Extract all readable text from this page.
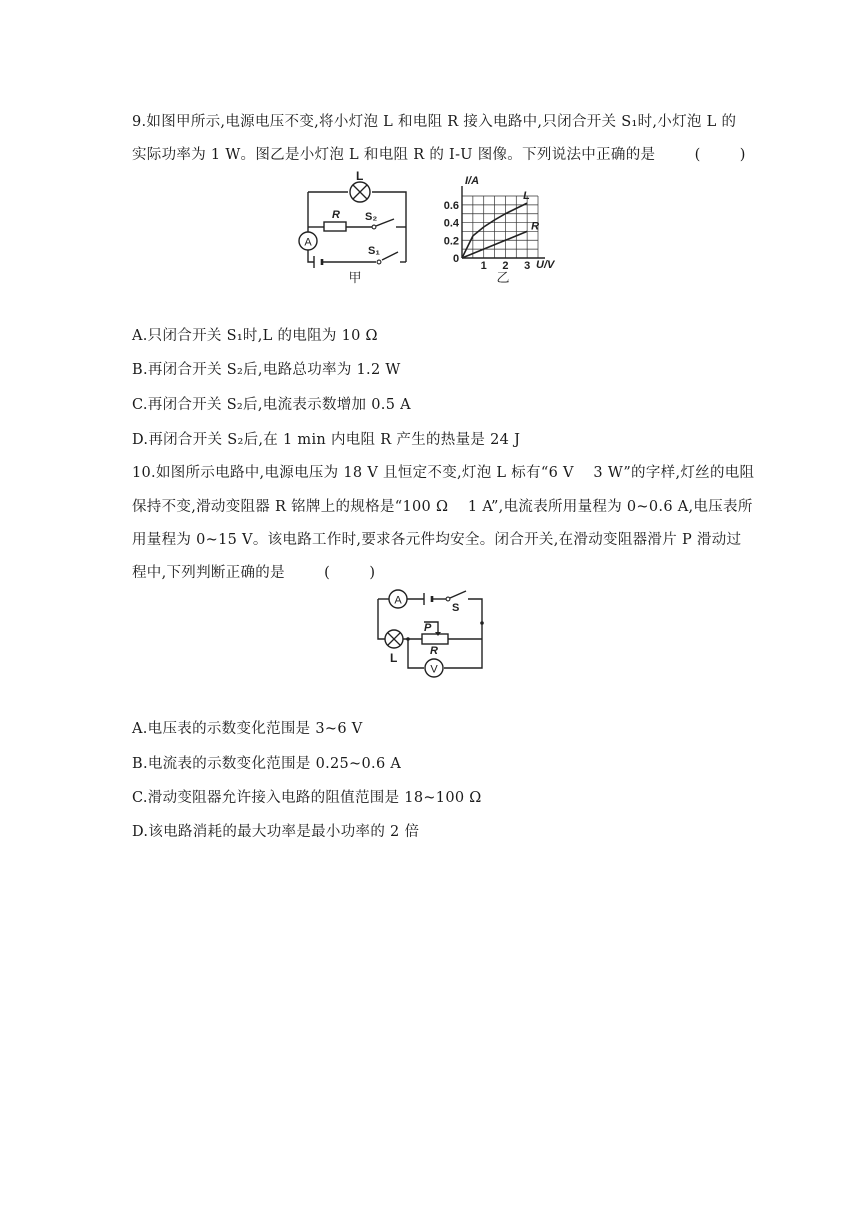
9.如图甲所示,电源电压不变,将小灯泡 L 和电阻 R 接入电路中,只闭合开关 S₁时,小灯泡 L 的
实际功率为 1 W。图乙是小灯泡 L 和电阻 R 的 I-U 图像。下列说法中正确的是        (        )
A
L
R S₂
S₁
甲
0.6
0.4
0.2
1 2 3
I/A
U/V
0
L
R
乙
A.只闭合开关 S₁时,L 的电阻为 10 Ω
B.再闭合开关 S₂后,电路总功率为 1.2 W
C.再闭合开关 S₂后,电流表示数增加 0.5 A
D.再闭合开关 S₂后,在 1 min 内电阻 R 产生的热量是 24 J
10.如图所示电路中,电源电压为 18 V 且恒定不变,灯泡 L 标有“6 V    3 W”的字样,灯丝的电阻
保持不变,滑动变阻器 R 铭牌上的规格是“100 Ω    1 A”,电流表所用量程为 0~0.6 A,电压表所
用量程为 0~15 V。该电路工作时,要求各元件均安全。闭合开关,在滑动变阻器滑片 P 滑动过
程中,下列判断正确的是        (        )
A
V
S
P
R
L
A.电压表的示数变化范围是 3~6 V
B.电流表的示数变化范围是 0.25~0.6 A
C.滑动变阻器允许接入电路的阻值范围是 18~100 Ω
D.该电路消耗的最大功率是最小功率的 2 倍
